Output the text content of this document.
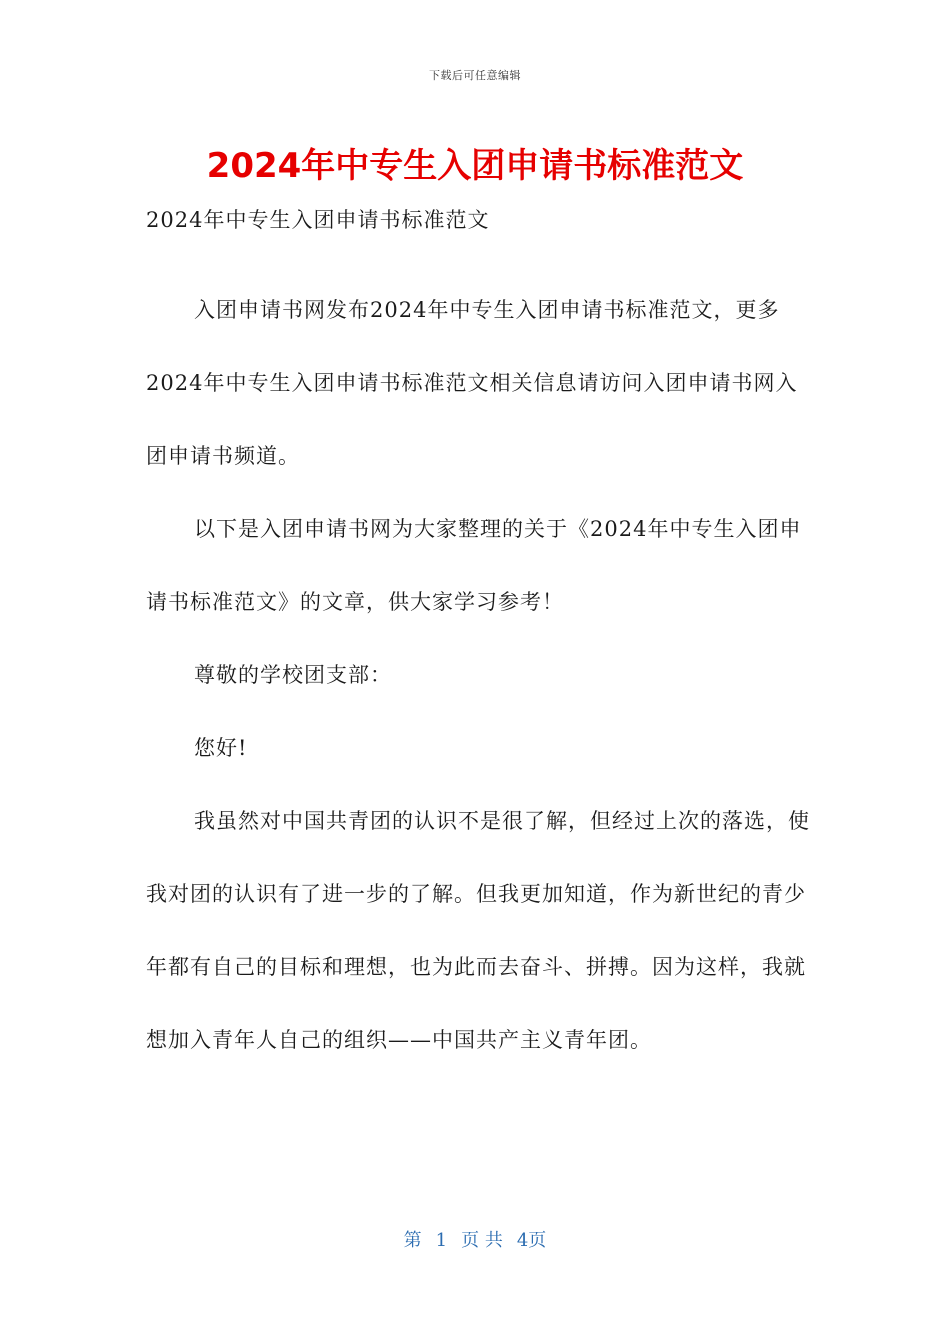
下载后可任意编辑
2024年中专生入团申请书标准范文

2024年中专生入团申请书标准范文

入团申请书网发布2024年中专生入团申请书标准范文，更多2024年中专生入团申请书标准范文相关信息请访问入团申请书网入团申请书频道。

以下是入团申请书网为大家整理的关于《2024年中专生入团申请书标准范文》的文章，供大家学习参考！

尊敬的学校团支部：

您好!

我虽然对中国共青团的认识不是很了解，但经过上次的落选，使我对团的认识有了进一步的了解。但我更加知道，作为新世纪的青少年都有自己的目标和理想，也为此而去奋斗、拼搏。因为这样，我就想加入青年人自己的组织——中国共产主义青年团。

第 1 页 共 4页
